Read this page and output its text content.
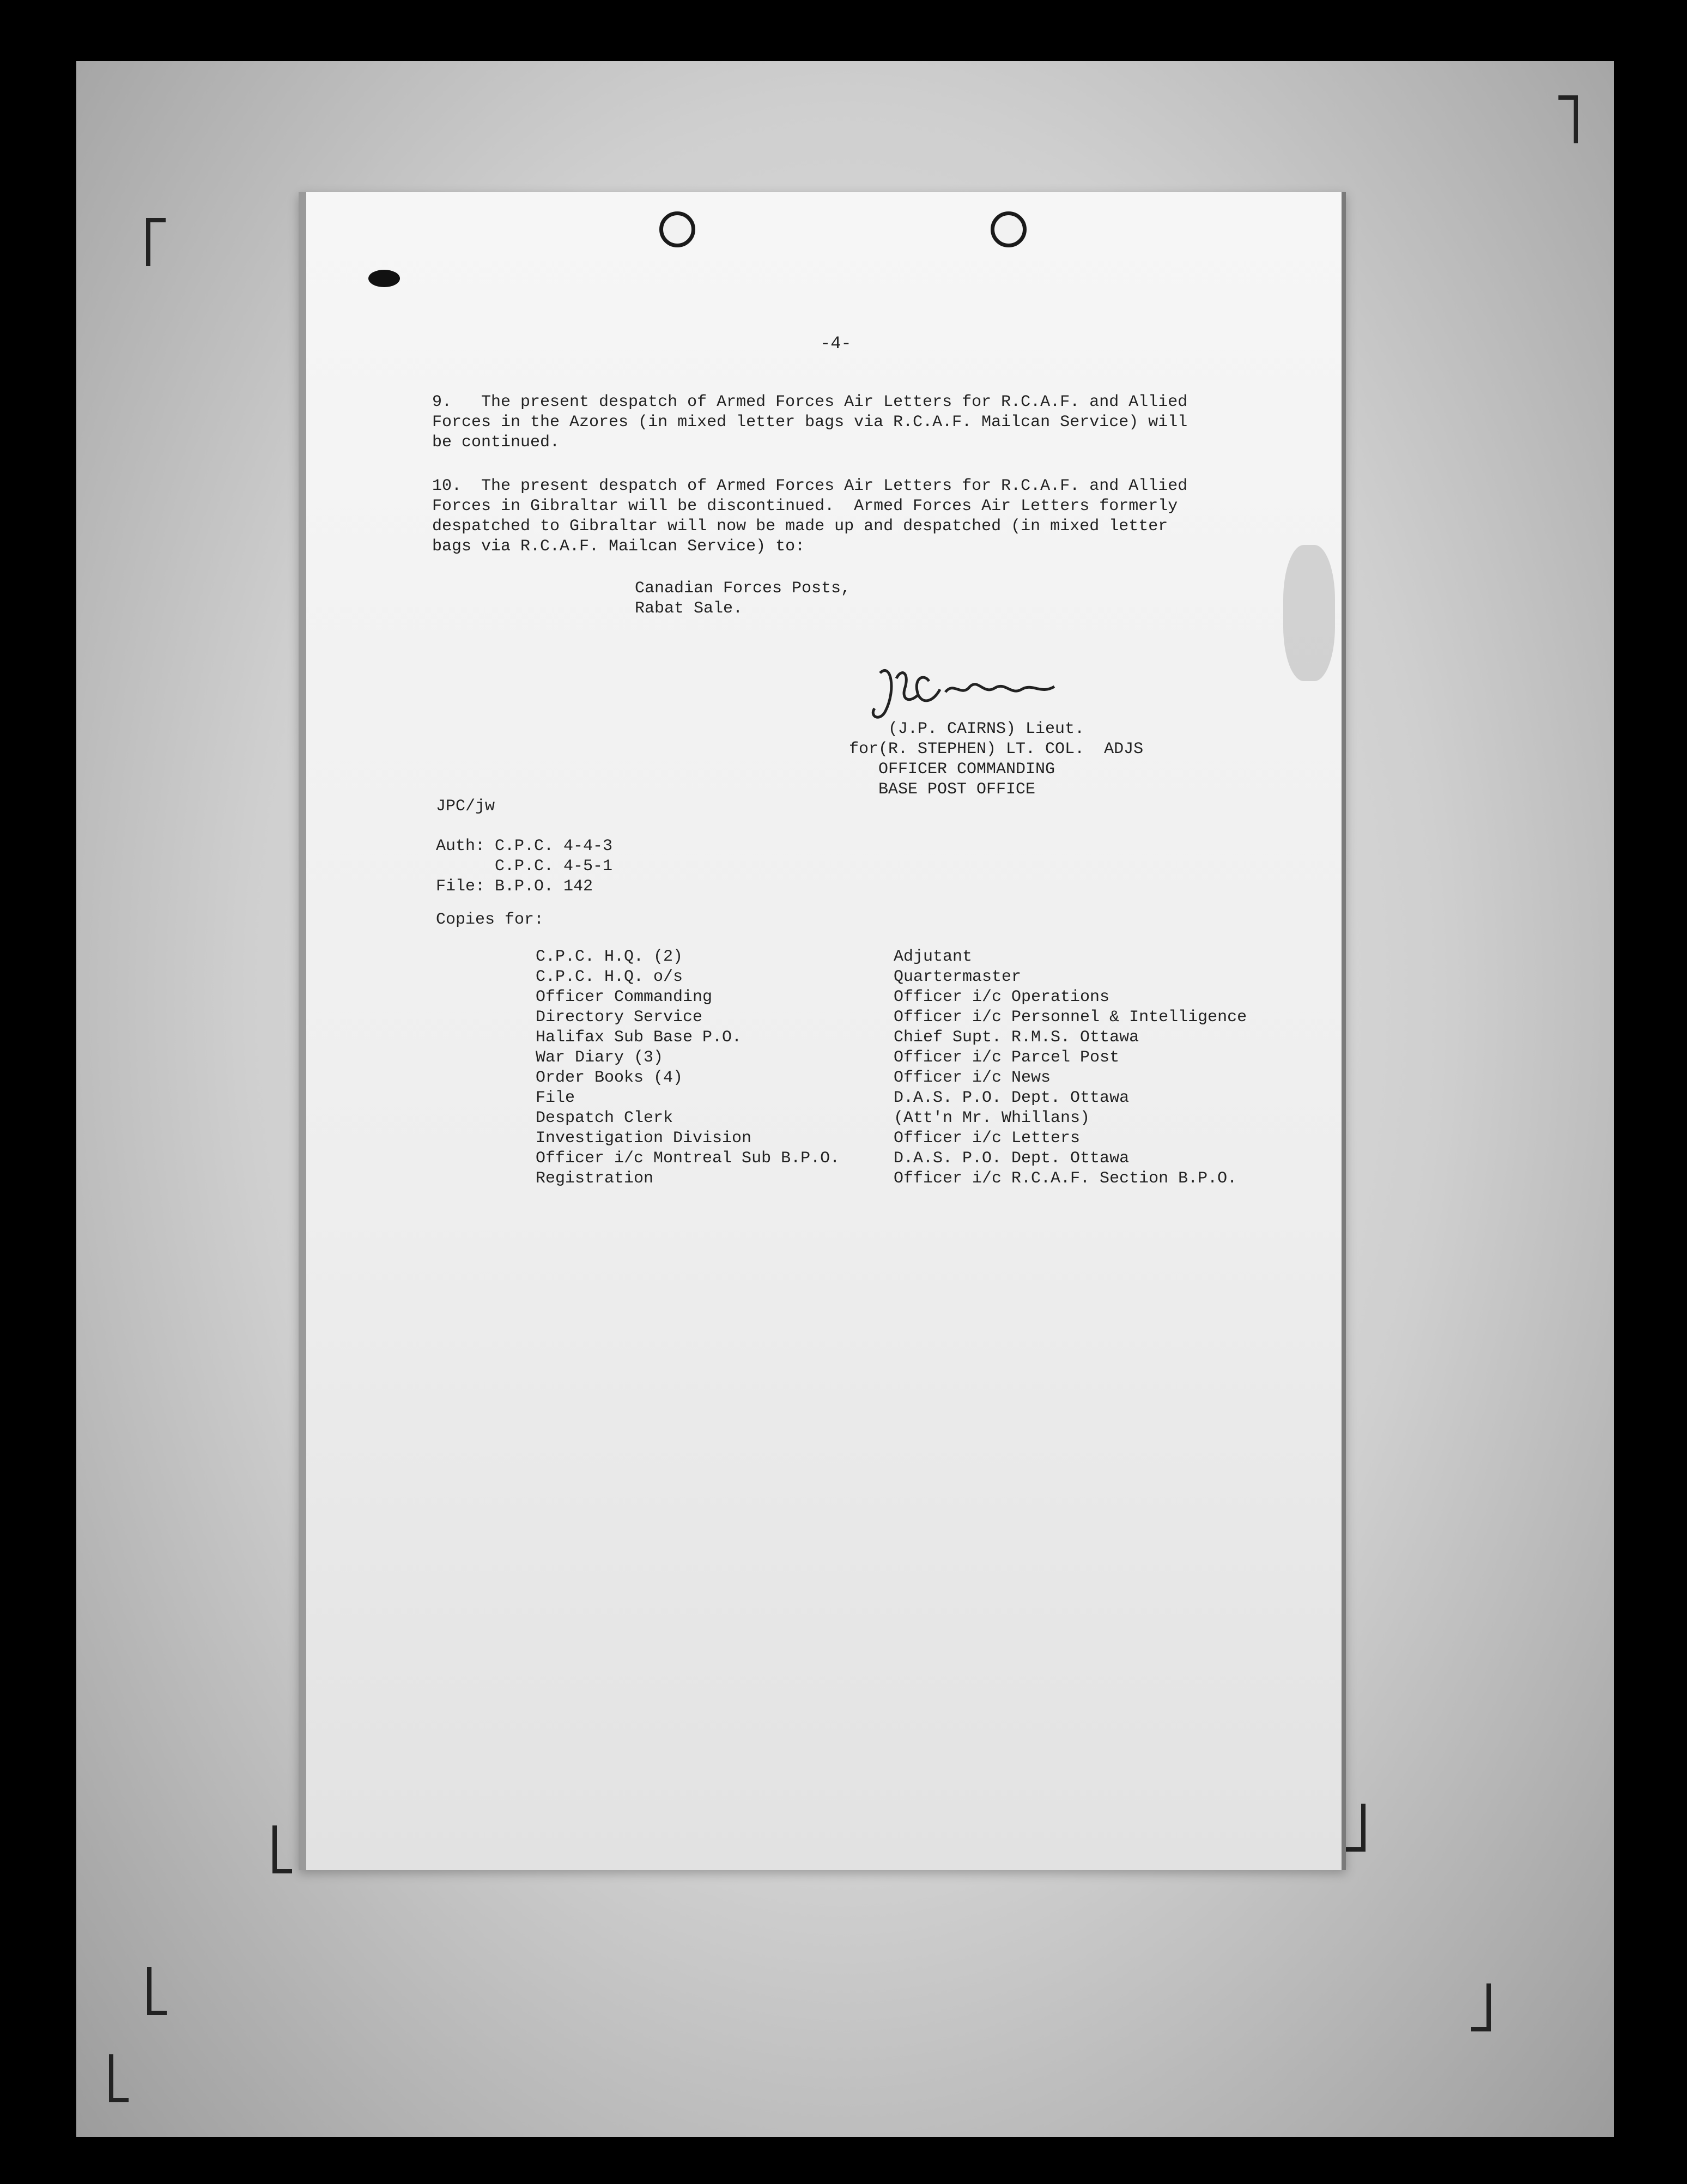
-4-
9.   The present despatch of Armed Forces Air Letters for R.C.A.F. and Allied
Forces in the Azores (in mixed letter bags via R.C.A.F. Mailcan Service) will
be continued.
10.  The present despatch of Armed Forces Air Letters for R.C.A.F. and Allied
Forces in Gibraltar will be discontinued.  Armed Forces Air Letters formerly
despatched to Gibraltar will now be made up and despatched (in mixed letter
bags via R.C.A.F. Mailcan Service) to:
Canadian Forces Posts,
Rabat Sale.
(J.P. CAIRNS) Lieut.
for(R. STEPHEN) LT. COL.  ADJS
OFFICER COMMANDING
BASE POST OFFICE
JPC/jw
Auth: C.P.C. 4-4-3
C.P.C. 4-5-1
File: B.P.O. 142
Copies for:
C.P.C. H.Q. (2)
C.P.C. H.Q. o/s
Officer Commanding
Directory Service
Halifax Sub Base P.O.
War Diary (3)
Order Books (4)
File
Despatch Clerk
Investigation Division
Officer i/c Montreal Sub B.P.O.
Registration
Adjutant
Quartermaster
Officer i/c Operations
Officer i/c Personnel & Intelligence
Chief Supt. R.M.S. Ottawa
Officer i/c Parcel Post
Officer i/c News
D.A.S. P.O. Dept. Ottawa
(Att'n Mr. Whillans)
Officer i/c Letters
D.A.S. P.O. Dept. Ottawa
Officer i/c R.C.A.F. Section B.P.O.
